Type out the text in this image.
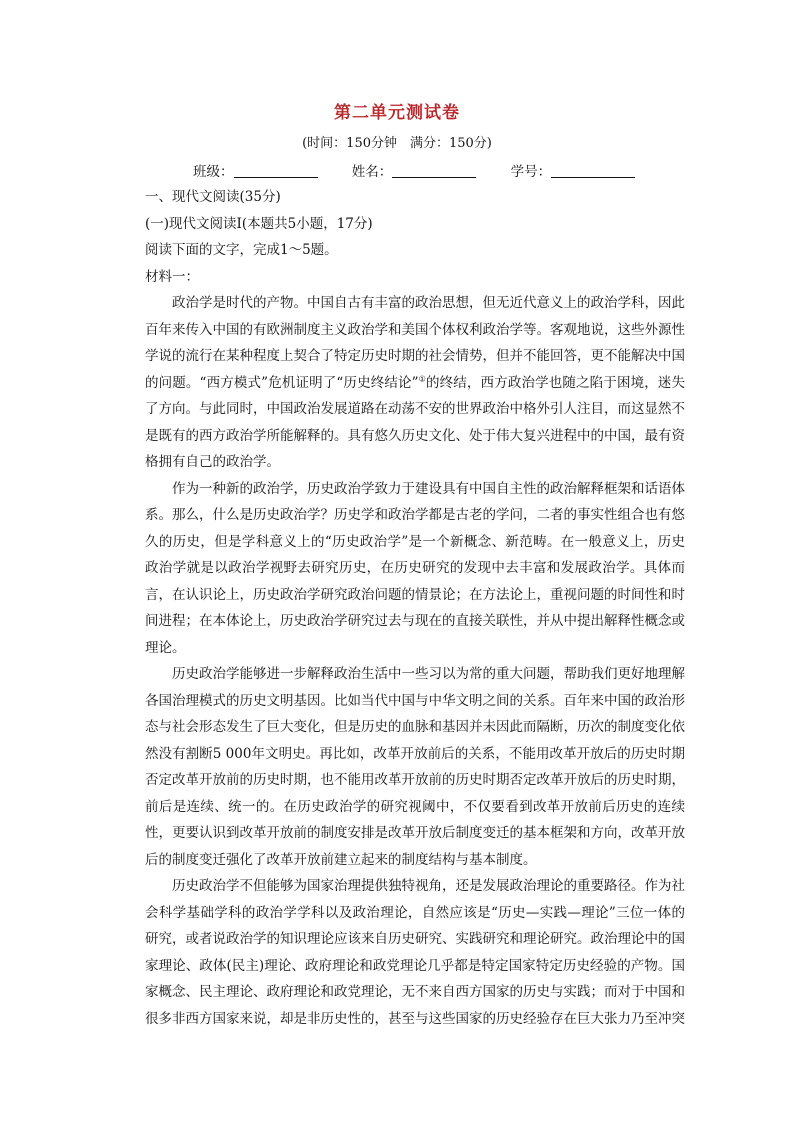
第二单元测试卷
(时间：150分钟　满分：150分)
班级：	姓名：	学号：

一、现代文阅读(35分)

(一)现代文阅读Ⅰ(本题共5小题，17分)

阅读下面的文字，完成1～5题。

材料一：

政治学是时代的产物。中国自古有丰富的政治思想，但无近代意义上的政治学科，因此百年来传入中国的有欧洲制度主义政治学和美国个体权利政治学等。客观地说，这些外源性学说的流行在某种程度上契合了特定历史时期的社会情势，但并不能回答，更不能解决中国的问题。“西方模式”危机证明了“历史终结论”①的终结，西方政治学也随之陷于困境，迷失了方向。与此同时，中国政治发展道路在动荡不安的世界政治中格外引人注目，而这显然不是既有的西方政治学所能解释的。具有悠久历史文化、处于伟大复兴进程中的中国，最有资格拥有自己的政治学。

作为一种新的政治学，历史政治学致力于建设具有中国自主性的政治解释框架和话语体系。那么，什么是历史政治学？历史学和政治学都是古老的学问，二者的事实性组合也有悠久的历史，但是学科意义上的“历史政治学”是一个新概念、新范畴。在一般意义上，历史政治学就是以政治学视野去研究历史，在历史研究的发现中去丰富和发展政治学。具体而言，在认识论上，历史政治学研究政治问题的情景论；在方法论上，重视问题的时间性和时间进程；在本体论上，历史政治学研究过去与现在的直接关联性，并从中提出解释性概念或理论。

历史政治学能够进一步解释政治生活中一些习以为常的重大问题，帮助我们更好地理解各国治理模式的历史文明基因。比如当代中国与中华文明之间的关系。百年来中国的政治形态与社会形态发生了巨大变化，但是历史的血脉和基因并未因此而隔断，历次的制度变化依然没有割断5 000年文明史。再比如，改革开放前后的关系，不能用改革开放后的历史时期否定改革开放前的历史时期，也不能用改革开放前的历史时期否定改革开放后的历史时期，前后是连续、统一的。在历史政治学的研究视阈中，不仅要看到改革开放前后历史的连续性，更要认识到改革开放前的制度安排是改革开放后制度变迁的基本框架和方向，改革开放后的制度变迁强化了改革开放前建立起来的制度结构与基本制度。

历史政治学不但能够为国家治理提供独特视角，还是发展政治理论的重要路径。作为社会科学基础学科的政治学学科以及政治理论，自然应该是“历史—实践—理论”三位一体的研究，或者说政治学的知识理论应该来自历史研究、实践研究和理论研究。政治理论中的国家理论、政体(民主)理论、政府理论和政党理论几乎都是特定国家特定历史经验的产物。国家概念、民主理论、政府理论和政党理论，无不来自西方国家的历史与实践；而对于中国和很多非西方国家来说，却是非历史性的，甚至与这些国家的历史经验存在巨大张力乃至冲突
